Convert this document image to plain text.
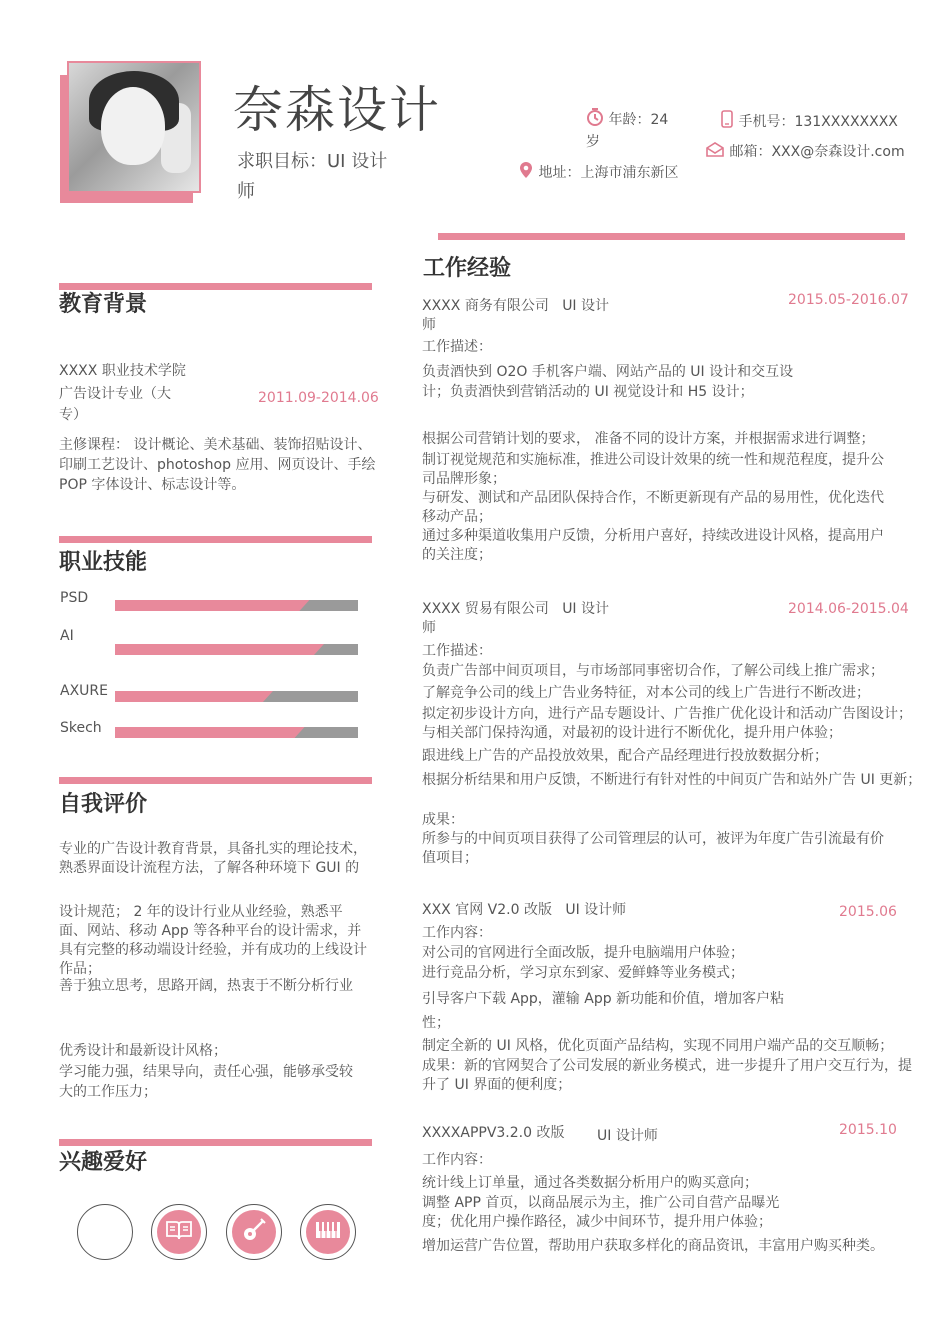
奈森设计
求职目标：UI 设计师
年龄：24岁
手机号：131XXXXXXXX
地址：上海市浦东新区
邮箱：XXX@奈森设计.com
教育背景
XXXX 职业技术学院
广告设计专业（大专）
2011.09-2014.06
主修课程： 设计概论、美术基础、装饰招贴设计、印刷工艺设计、photoshop 应用、网页设计、手绘 POP 字体设计、标志设计等。
职业技能
PSD
AI
AXURE
Skech
自我评价
专业的广告设计教育背景，具备扎实的理论技术，熟悉界面设计流程方法，了解各种环境下 GUI 的
设计规范； 2 年的设计行业从业经验，熟悉平面、网站、移动 App 等各种平台的设计需求，并具有完整的移动端设计经验，并有成功的上线设计作品；
善于独立思考，思路开阔，热衷于不断分析行业
优秀设计和最新设计风格；
学习能力强，结果导向，责任心强，能够承受较大的工作压力；
兴趣爱好
工作经验
XXXX 商务有限公司 UI 设计师
2015.05-2016.07
工作描述：
负责酒快到 O2O 手机客户端、网站产品的 UI 设计和交互设计；负责酒快到营销活动的 UI 视觉设计和 H5 设计；
根据公司营销计划的要求， 准备不同的设计方案，并根据需求进行调整；
制订视觉规范和实施标准，推进公司设计效果的统一性和规范程度，提升公司品牌形象；
与研发、测试和产品团队保持合作，不断更新现有产品的易用性，优化迭代移动产品；
通过多种渠道收集用户反馈，分析用户喜好，持续改进设计风格，提高用户的关注度；
XXXX 贸易有限公司 UI 设计师
2014.06-2015.04
工作描述：
负责广告部中间页项目，与市场部同事密切合作，了解公司线上推广需求；
了解竞争公司的线上广告业务特征，对本公司的线上广告进行不断改进；
拟定初步设计方向，进行产品专题设计、广告推广优化设计和活动广告图设计；
与相关部门保持沟通，对最初的设计进行不断优化，提升用户体验；
跟进线上广告的产品投放效果，配合产品经理进行投放数据分析；
根据分析结果和用户反馈，不断进行有针对性的中间页广告和站外广告 UI 更新；
成果：
所参与的中间页项目获得了公司管理层的认可，被评为年度广告引流最有价值项目；
XXX 官网 V2.0 改版 UI 设计师	2015.06
工作内容：
对公司的官网进行全面改版，提升电脑端用户体验；
进行竞品分析，学习京东到家、爱鲜蜂等业务模式；
引导客户下载 App，灌输 App 新功能和价值，增加客户粘性；
制定全新的 UI 风格，优化页面产品结构，实现不同用户端产品的交互顺畅；
成果：新的官网契合了公司发展的新业务模式，进一步提升了用户交互行为，提升了 UI 界面的便利度；
XXXXAPPV3.2.0 改版 UI 设计师	2015.10
工作内容：
统计线上订单量，通过各类数据分析用户的购买意向；
调整 APP 首页，以商品展示为主，推广公司自营产品曝光度；优化用户操作路径，减少中间环节，提升用户体验；
增加运营广告位置，帮助用户获取多样化的商品资讯，丰富用户购买种类。
